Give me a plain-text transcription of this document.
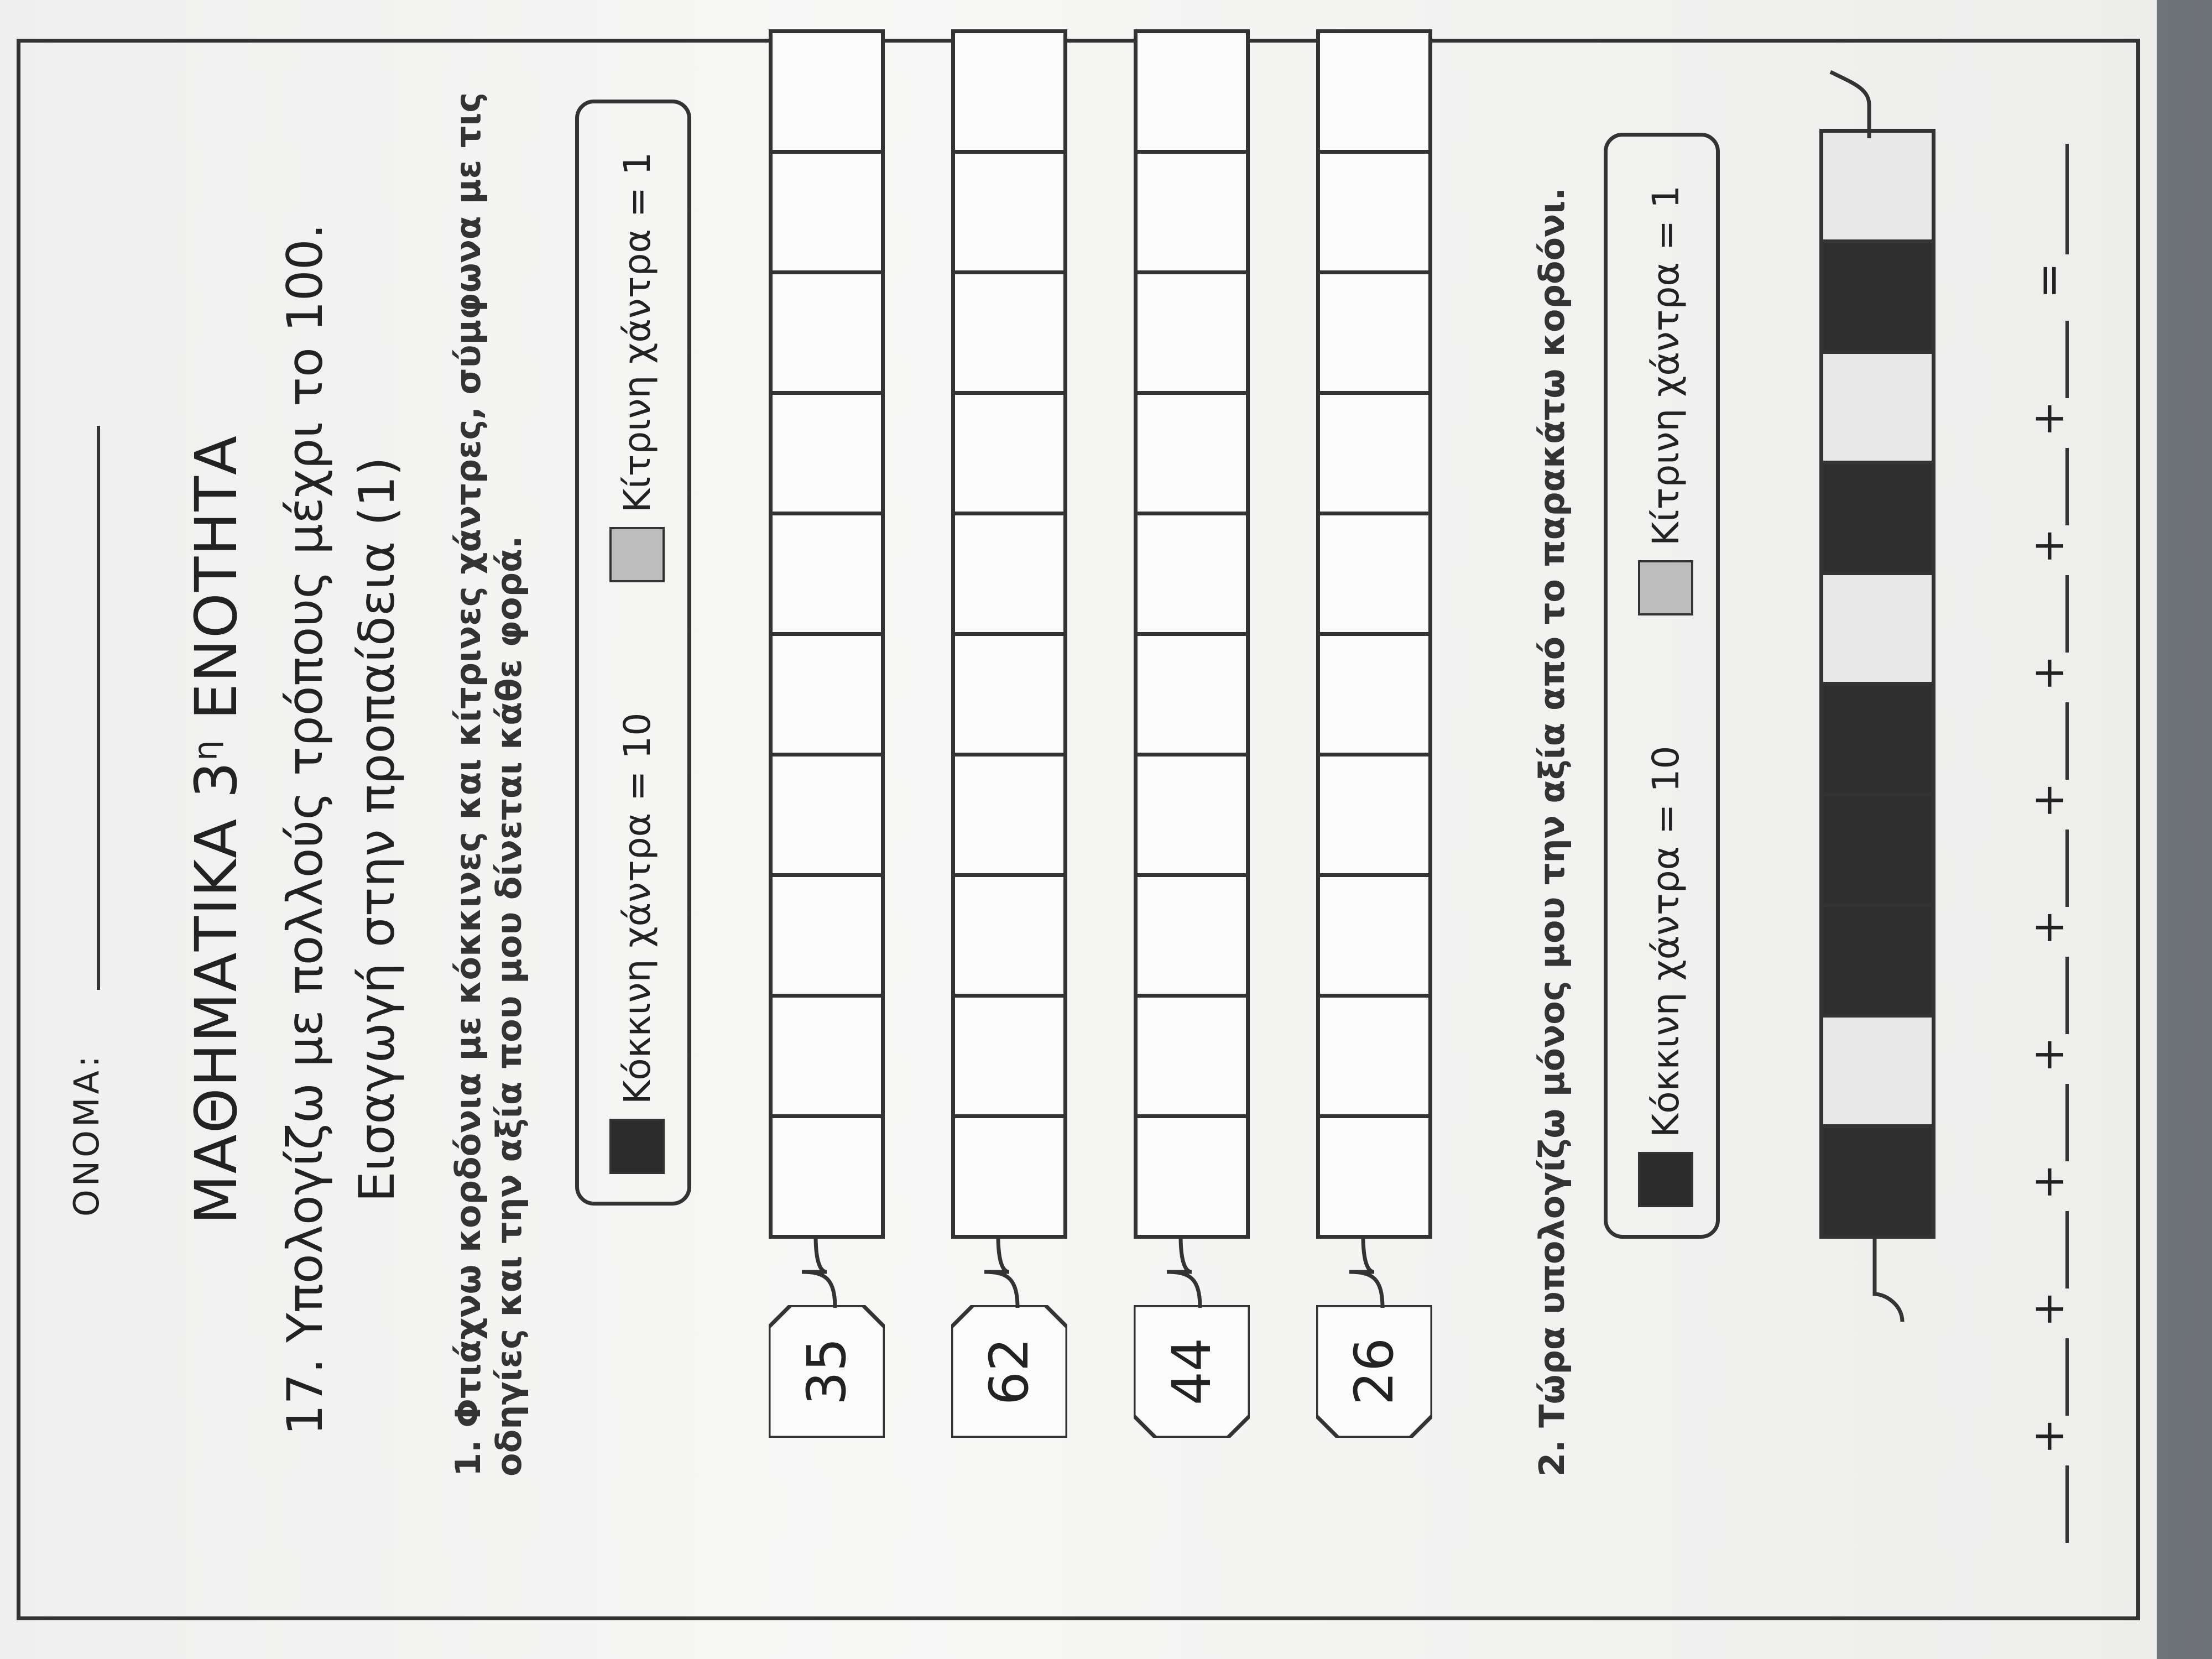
ΟΝΟΜΑ: ΜΑΘΗΜΑΤΙΚΑ $3^\eta$ ΕΝΟΤΗΤΑ 17. Υπολογίζω με πολλούς τρόπους μέχρι το 100. Εισαγωγή στην προπαίδεια (1) 1. Φτιάχνω κορδόνια με κόκκινες και κίτρινες χάντρες, σύμφωνα με τις οδηγίες και την αξία που μου δίνεται κάθε φορά. Κόκκινη χάντρα = 10
Κίτρινη χάντρα = 1
35	62	44	26	2. Τώρα υπολογίζω μόνος μου την αξία από το παρακάτω κορδόνι. Κόκκινη χάντρα = 10
Κίτρινη χάντρα = 1
+
+
+
+
+
+
+
+
+
=
